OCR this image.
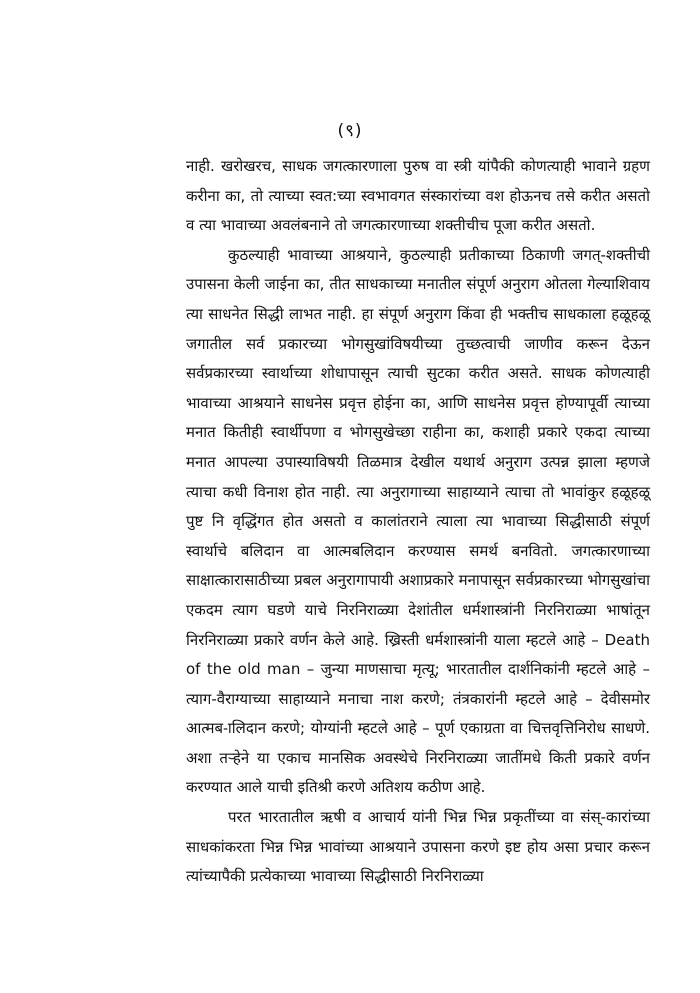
(९)

नाही. खरोखरच, साधक जगत्कारणाला पुरुष वा स्त्री यांपैकी कोणत्याही भावाने ग्रहण करीना का, तो त्याच्या स्वत:च्या स्वभावगत संस्कारांच्या वश होऊनच तसे करीत असतो व त्या भावाच्या अवलंबनाने तो जगत्कारणाच्या शक्तीचीच पूजा करीत असतो.

कुठल्याही भावाच्या आश्रयाने, कुठल्याही प्रतीकाच्या ठिकाणी जगत्-शक्तीची उपासना केली जाईना का, तीत साधकाच्या मनातील संपूर्ण अनुराग ओतला गेल्याशिवाय त्या साधनेत सिद्धी लाभत नाही. हा संपूर्ण अनुराग किंवा ही भक्तीच साधकाला हळूहळू जगातील सर्व प्रकारच्या भोगसुखांविषयीच्या तुच्छत्वाची जाणीव करून देऊन सर्वप्रकारच्या स्वार्थाच्या शोधापासून त्याची सुटका करीत असते. साधक कोणत्याही भावाच्या आश्रयाने साधनेस प्रवृत्त होईना का, आणि साधनेस प्रवृत्त होण्यापूर्वी त्याच्या मनात कितीही स्वार्थीपणा व भोगसुखेच्छा राहीना का, कशाही प्रकारे एकदा त्याच्या मनात आपल्या उपास्याविषयी तिळमात्र देखील यथार्थ अनुराग उत्पन्न झाला म्हणजे त्याचा कधी विनाश होत नाही. त्या अनुरागाच्या साहाय्याने त्याचा तो भावांकुर हळूहळू पुष्ट नि वृद्धिंगत होत असतो व कालांतराने त्याला त्या भावाच्या सिद्धीसाठी संपूर्ण स्वार्थाचे बलिदान वा आत्मबलिदान करण्यास समर्थ बनवितो. जगत्कारणाच्या साक्षात्कारासाठीच्या प्रबल अनुरागापायी अशाप्रकारे मनापासून सर्वप्रकारच्या भोगसुखांचा एकदम त्याग घडणे याचे निरनिराळ्या देशांतील धर्मशास्त्रांनी निरनिराळ्या भाषांतून निरनिराळ्या प्रकारे वर्णन केले आहे. ख्रिस्ती धर्मशास्त्रांनी याला म्हटले आहे – Death of the old man – जुन्या माणसाचा मृत्यू; भारतातील दार्शनिकांनी म्हटले आहे – त्याग-वैराग्याच्या साहाय्याने मनाचा नाश करणे; तंत्रकारांनी म्हटले आहे – देवीसमोर आत्मब-ालिदान करणे; योग्यांनी म्हटले आहे – पूर्ण एकाग्रता वा चित्तवृत्तिनिरोध साधणे. अशा तऱ्हेने या एकाच मानसिक अवस्थेचे निरनिराळ्या जातींमधे किती प्रकारे वर्णन करण्यात आले याची इतिश्री करणे अतिशय कठीण आहे.

परत भारतातील ऋषी व आचार्य यांनी भिन्न भिन्न प्रकृतींच्या वा संस्-कारांच्या साधकांकरता भिन्न भिन्न भावांच्या आश्रयाने उपासना करणे इष्ट होय असा प्रचार करून त्यांच्यापैकी प्रत्येकाच्या भावाच्या सिद्धीसाठी निरनिराळ्या
